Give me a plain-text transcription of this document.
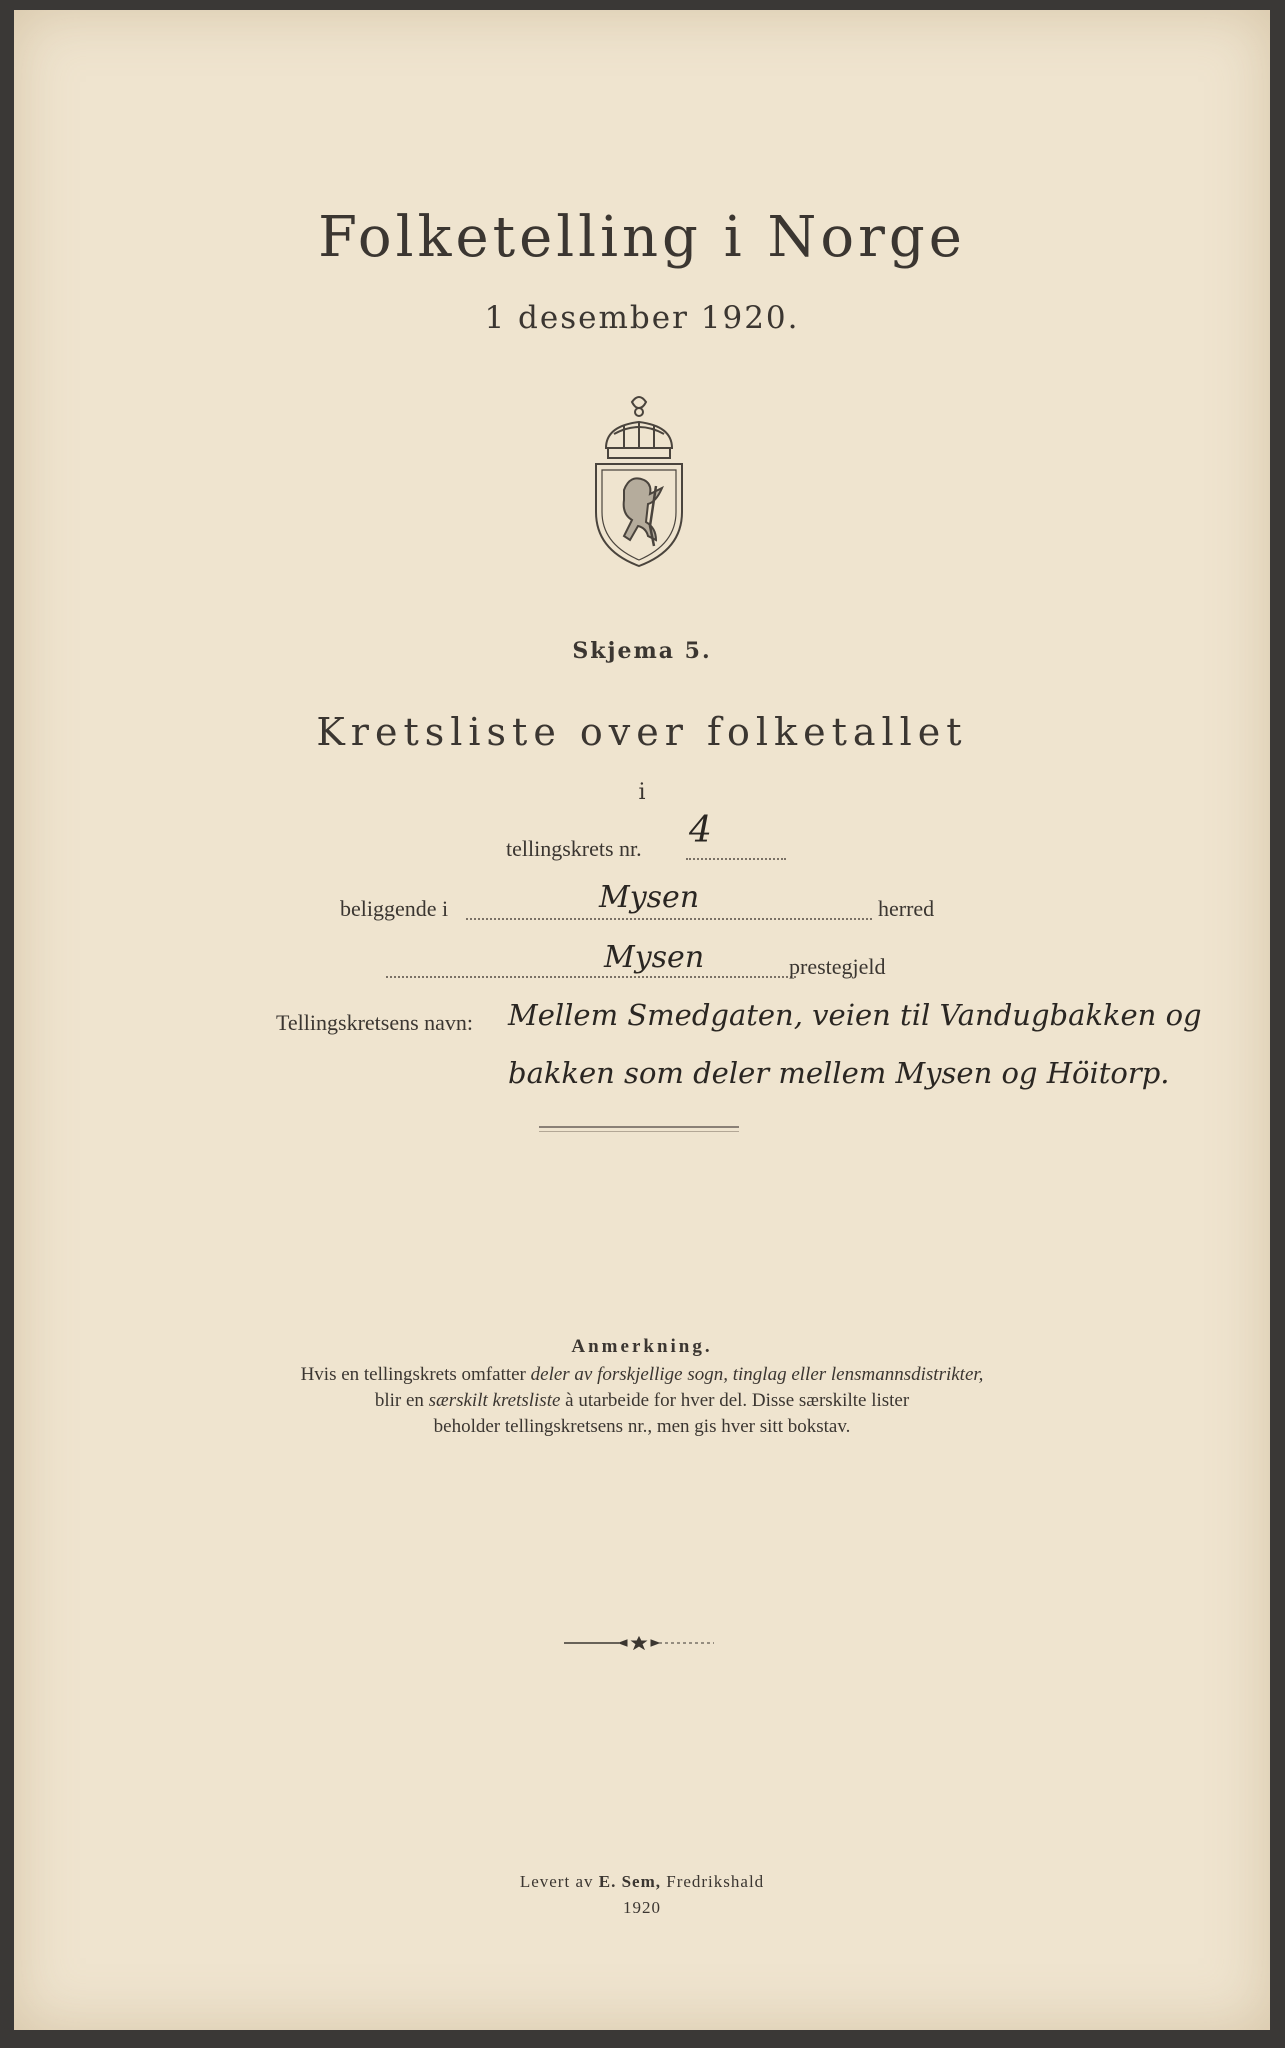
Folketelling i Norge
1 desember 1920.
Skjema 5.
Kretsliste over folketallet
i
tellingskrets nr. 4
beliggende i	Mysen	herred
Mysen	prestegjeld
Tellingskretsens navn: Mellem Smedgaten, veien til Vandugbakken og
bakken som deler mellem Mysen og Höitorp.
Anmerkning.
Hvis en tellingskrets omfatter deler av forskjellige sogn, tinglag eller lensmannsdistrikter,
blir en særskilt kretsliste à utarbeide for hver del. Disse særskilte lister
beholder tellingskretsens nr., men gis hver sitt bokstav.
Levert av E. Sem, Fredrikshald
1920
